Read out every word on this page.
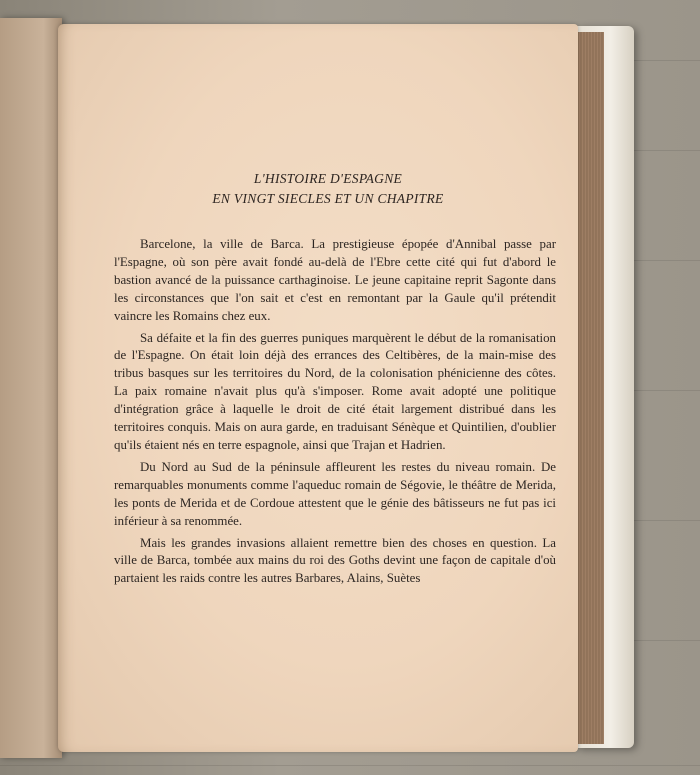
L'HISTOIRE D'ESPAGNE
EN VINGT SIECLES ET UN CHAPITRE

Barcelone, la ville de Barca. La prestigieuse épopée d'Annibal passe par l'Espagne, où son père avait fondé au-delà de l'Ebre cette cité qui fut d'abord le bastion avancé de la puissance carthaginoise. Le jeune capitaine reprit Sagonte dans les circonstances que l'on sait et c'est en remontant par la Gaule qu'il prétendit vaincre les Romains chez eux.

Sa défaite et la fin des guerres puniques marquèrent le début de la romanisation de l'Espagne. On était loin déjà des errances des Celtibères, de la main-mise des tribus basques sur les territoires du Nord, de la colonisation phénicienne des côtes. La paix romaine n'avait plus qu'à s'imposer. Rome avait adopté une politique d'intégration grâce à laquelle le droit de cité était largement distribué dans les territoires conquis. Mais on aura garde, en traduisant Sénèque et Quintilien, d'oublier qu'ils étaient nés en terre espagnole, ainsi que Trajan et Hadrien.

Du Nord au Sud de la péninsule affleurent les restes du niveau romain. De remarquables monuments comme l'aqueduc romain de Ségovie, le théâtre de Merida, les ponts de Merida et de Cordoue attestent que le génie des bâtisseurs ne fut pas ici inférieur à sa renommée.

Mais les grandes invasions allaient remettre bien des choses en question. La ville de Barca, tombée aux mains du roi des Goths devint une façon de capitale d'où partaient les raids contre les autres Barbares, Alains, Suètes
